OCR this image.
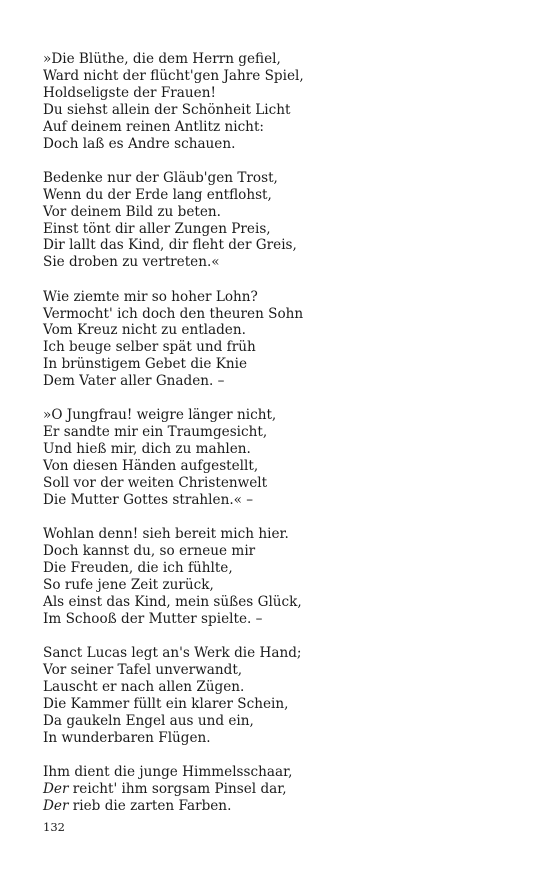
»Die Blüthe, die dem Herrn gefiel,
Ward nicht der flücht'gen Jahre Spiel,
Holdseligste der Frauen!
Du siehst allein der Schönheit Licht
Auf deinem reinen Antlitz nicht:
Doch laß es Andre schauen.
Bedenke nur der Gläub'gen Trost,
Wenn du der Erde lang entflohst,
Vor deinem Bild zu beten.
Einst tönt dir aller Zungen Preis,
Dir lallt das Kind, dir fleht der Greis,
Sie droben zu vertreten.«
Wie ziemte mir so hoher Lohn?
Vermocht' ich doch den theuren Sohn
Vom Kreuz nicht zu entladen.
Ich beuge selber spät und früh
In brünstigem Gebet die Knie
Dem Vater aller Gnaden. –
»O Jungfrau! weigre länger nicht,
Er sandte mir ein Traumgesicht,
Und hieß mir, dich zu mahlen.
Von diesen Händen aufgestellt,
Soll vor der weiten Christenwelt
Die Mutter Gottes strahlen.« –
Wohlan denn! sieh bereit mich hier.
Doch kannst du, so erneue mir
Die Freuden, die ich fühlte,
So rufe jene Zeit zurück,
Als einst das Kind, mein süßes Glück,
Im Schooß der Mutter spielte. –
Sanct Lucas legt an's Werk die Hand;
Vor seiner Tafel unverwandt,
Lauscht er nach allen Zügen.
Die Kammer füllt ein klarer Schein,
Da gaukeln Engel aus und ein,
In wunderbaren Flügen.
Ihm dient die junge Himmelsschaar,
Der reicht' ihm sorgsam Pinsel dar,
Der rieb die zarten Farben.
132
